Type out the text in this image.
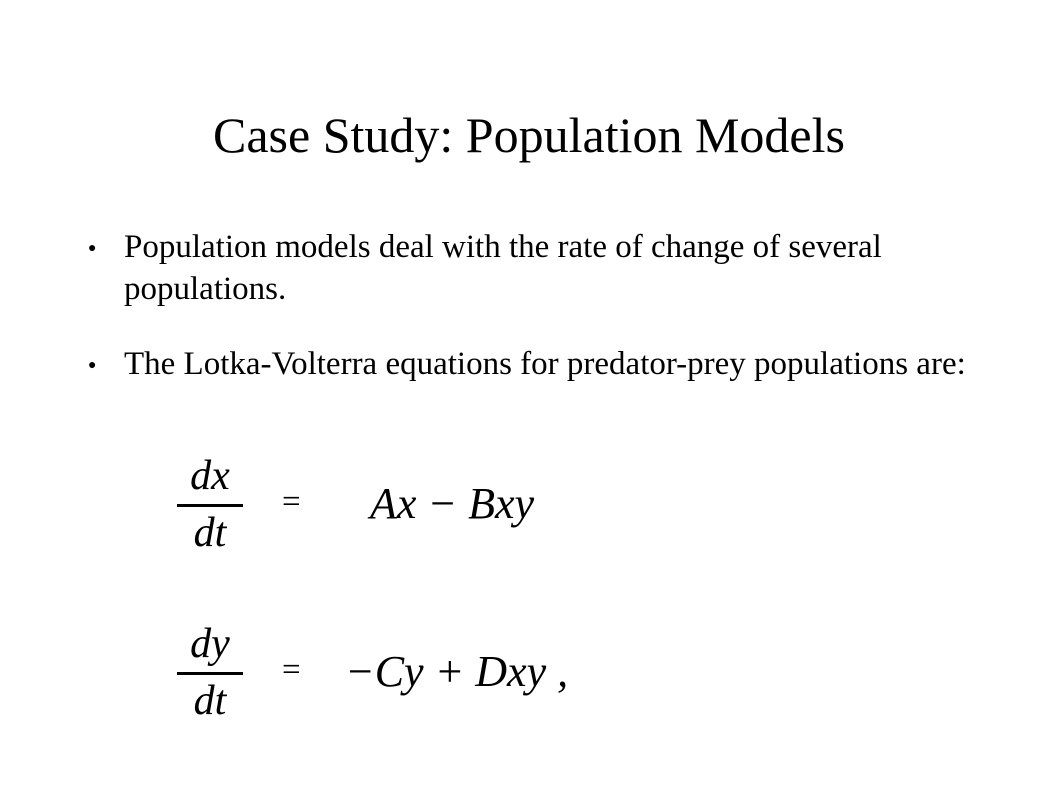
Case Study: Population Models
● Population models deal with the rate of change of several populations.
● The Lotka-Volterra equations for predator-prey populations are:
dx
dt
= Ax − Bxy
dy
dt
= −Cy + Dxy ,
